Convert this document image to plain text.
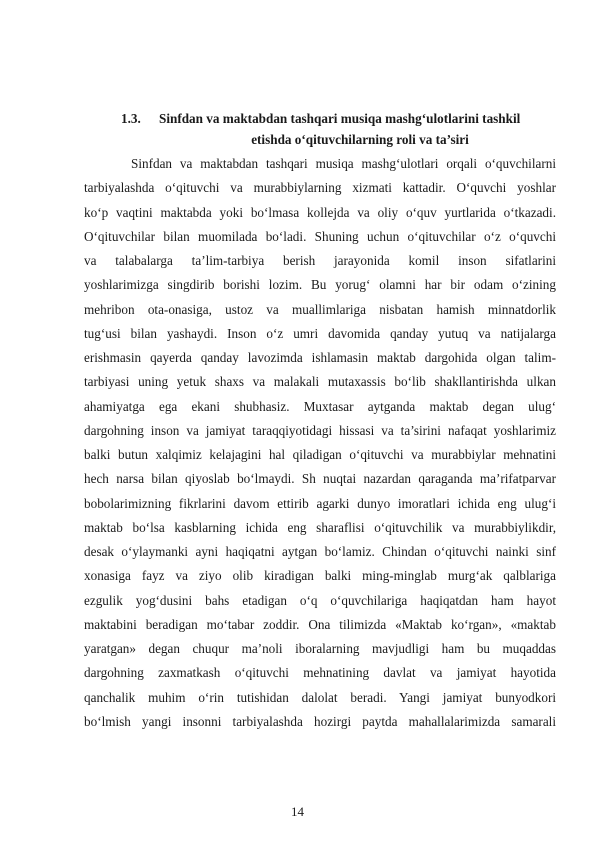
1.3. Sinfdan va maktabdan tashqari musiqa mashg‘ulotlarini tashkil
etishda o‘qituvchilarning roli va ta’siri
Sinfdan va maktabdan tashqari musiqa mashg‘ulotlari orqali o‘quvchilarni
tarbiyalashda o‘qituvchi va murabbiylarning xizmati kattadir. O‘quvchi yoshlar
ko‘p vaqtini maktabda yoki bo‘lmasa kollejda va oliy o‘quv yurtlarida o‘tkazadi.
O‘qituvchilar bilan muomilada bo‘ladi. Shuning uchun o‘qituvchilar o‘z o‘quvchi
va talabalarga ta’lim-tarbiya berish jarayonida komil inson sifatlarini
yoshlarimizga singdirib borishi lozim. Bu yorug‘ olamni har bir odam o‘zining
mehribon ota-onasiga, ustoz va muallimlariga nisbatan hamish minnatdorlik
tug‘usi bilan yashaydi. Inson o‘z umri davomida qanday yutuq va natijalarga
erishmasin qayerda qanday lavozimda ishlamasin maktab dargohida olgan talim-
tarbiyasi uning yetuk shaxs va malakali mutaxassis bo‘lib shakllantirishda ulkan
ahamiyatga ega ekani shubhasiz. Muxtasar aytganda maktab degan ulug‘
dargohning inson va jamiyat taraqqiyotidagi hissasi va ta’sirini nafaqat yoshlarimiz
balki butun xalqimiz kelajagini hal qiladigan o‘qituvchi va murabbiylar mehnatini
hech narsa bilan qiyoslab bo‘lmaydi. Sh nuqtai nazardan qaraganda ma’rifatparvar
bobolarimizning fikrlarini davom ettirib agarki dunyo imoratlari ichida eng ulug‘i
maktab bo‘lsa kasblarning ichida eng sharaflisi o‘qituvchilik va murabbiylikdir,
desak o‘ylaymanki ayni haqiqatni aytgan bo‘lamiz. Chindan o‘qituvchi nainki sinf
xonasiga fayz va ziyo olib kiradigan balki ming-minglab murg‘ak qalblariga
ezgulik yog‘dusini bahs etadigan o‘q o‘quvchilariga haqiqatdan ham hayot
maktabini beradigan mo‘tabar zoddir. Ona tilimizda «Maktab ko‘rgan», «maktab
yaratgan» degan chuqur ma’noli iboralarning mavjudligi ham bu muqaddas
dargohning zaxmatkash o‘qituvchi mehnatining davlat va jamiyat hayotida
qanchalik muhim o‘rin tutishidan dalolat beradi. Yangi jamiyat bunyodkori
bo‘lmish yangi insonni tarbiyalashda hozirgi paytda mahallalarimizda samarali
14
